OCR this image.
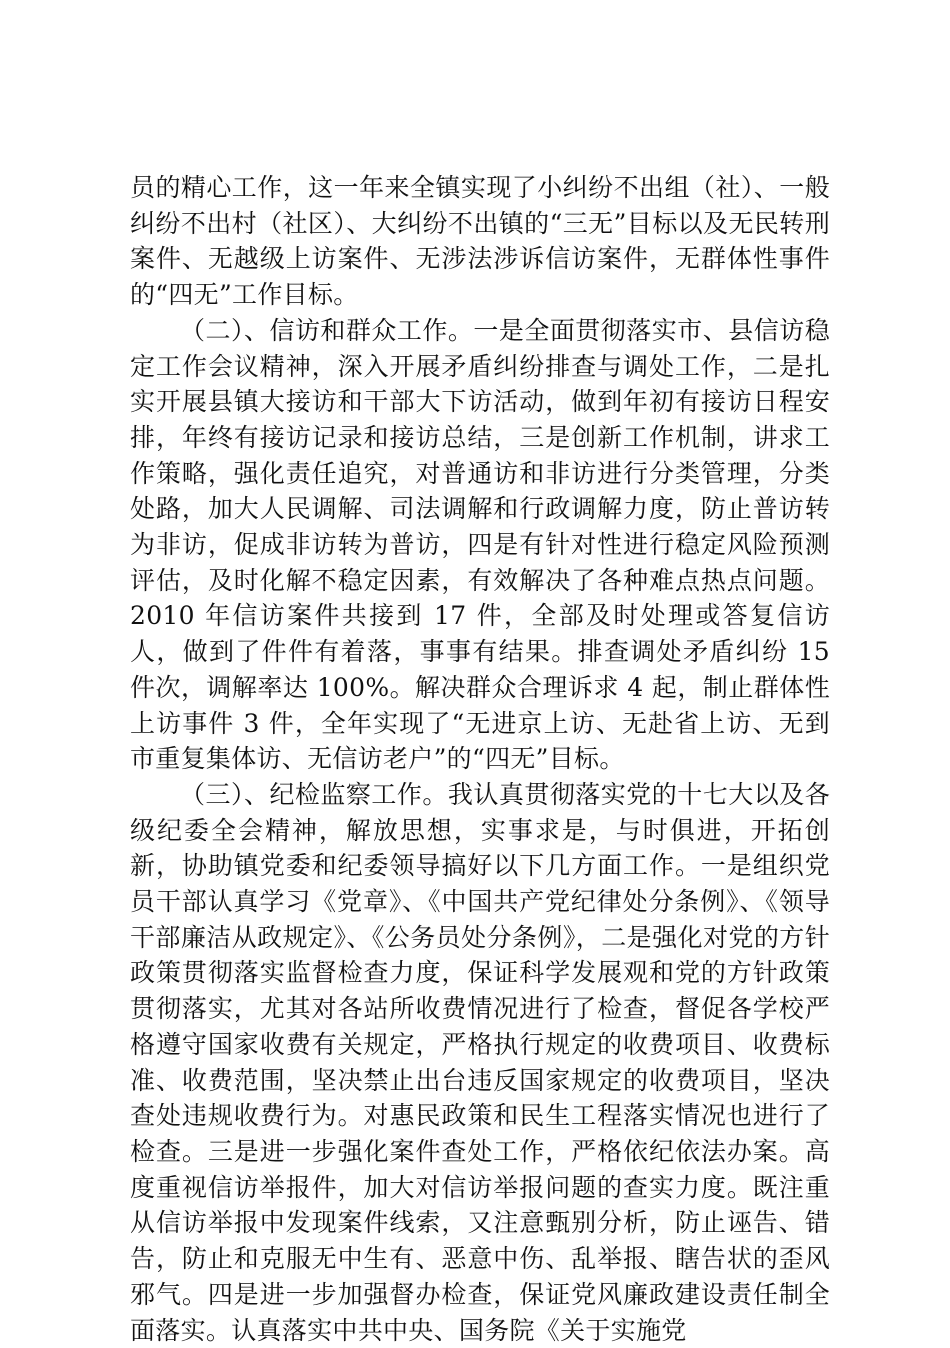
员的精心工作，这一年来全镇实现了小纠纷不出组（社）、一般纠纷不出村（社区）、大纠纷不出镇的“三无”目标以及无民转刑案件、无越级上访案件、无涉法涉诉信访案件，无群体性事件的“四无”工作目标。

（二）、信访和群众工作。一是全面贯彻落实市、县信访稳定工作会议精神，深入开展矛盾纠纷排查与调处工作，二是扎实开展县镇大接访和干部大下访活动，做到年初有接访日程安排，年终有接访记录和接访总结，三是创新工作机制，讲求工作策略，强化责任追究，对普通访和非访进行分类管理，分类处路，加大人民调解、司法调解和行政调解力度，防止普访转为非访，促成非访转为普访，四是有针对性进行稳定风险预测评估，及时化解不稳定因素，有效解决了各种难点热点问题。2010 年信访案件共接到 17 件，全部及时处理或答复信访人，做到了件件有着落，事事有结果。排查调处矛盾纠纷 15 件次，调解率达 100%。解决群众合理诉求 4 起，制止群体性上访事件 3 件，全年实现了“无进京上访、无赴省上访、无到市重复集体访、无信访老户”的“四无”目标。

（三）、纪检监察工作。我认真贯彻落实党的十七大以及各级纪委全会精神，解放思想，实事求是，与时俱进，开拓创新，协助镇党委和纪委领导搞好以下几方面工作。一是组织党员干部认真学习《党章》、《中国共产党纪律处分条例》、《领导干部廉洁从政规定》、《公务员处分条例》，二是强化对党的方针政策贯彻落实监督检查力度，保证科学发展观和党的方针政策贯彻落实，尤其对各站所收费情况进行了检查，督促各学校严格遵守国家收费有关规定，严格执行规定的收费项目、收费标准、收费范围，坚决禁止出台违反国家规定的收费项目，坚决查处违规收费行为。对惠民政策和民生工程落实情况也进行了检查。三是进一步强化案件查处工作，严格依纪依法办案。高度重视信访举报件，加大对信访举报问题的查实力度。既注重从信访举报中发现案件线索，又注意甄别分析，防止诬告、错告，防止和克服无中生有、恶意中伤、乱举报、瞎告状的歪风邪气。四是进一步加强督办检查，保证党风廉政建设责任制全面落实。认真落实中共中央、国务院《关于实施党
